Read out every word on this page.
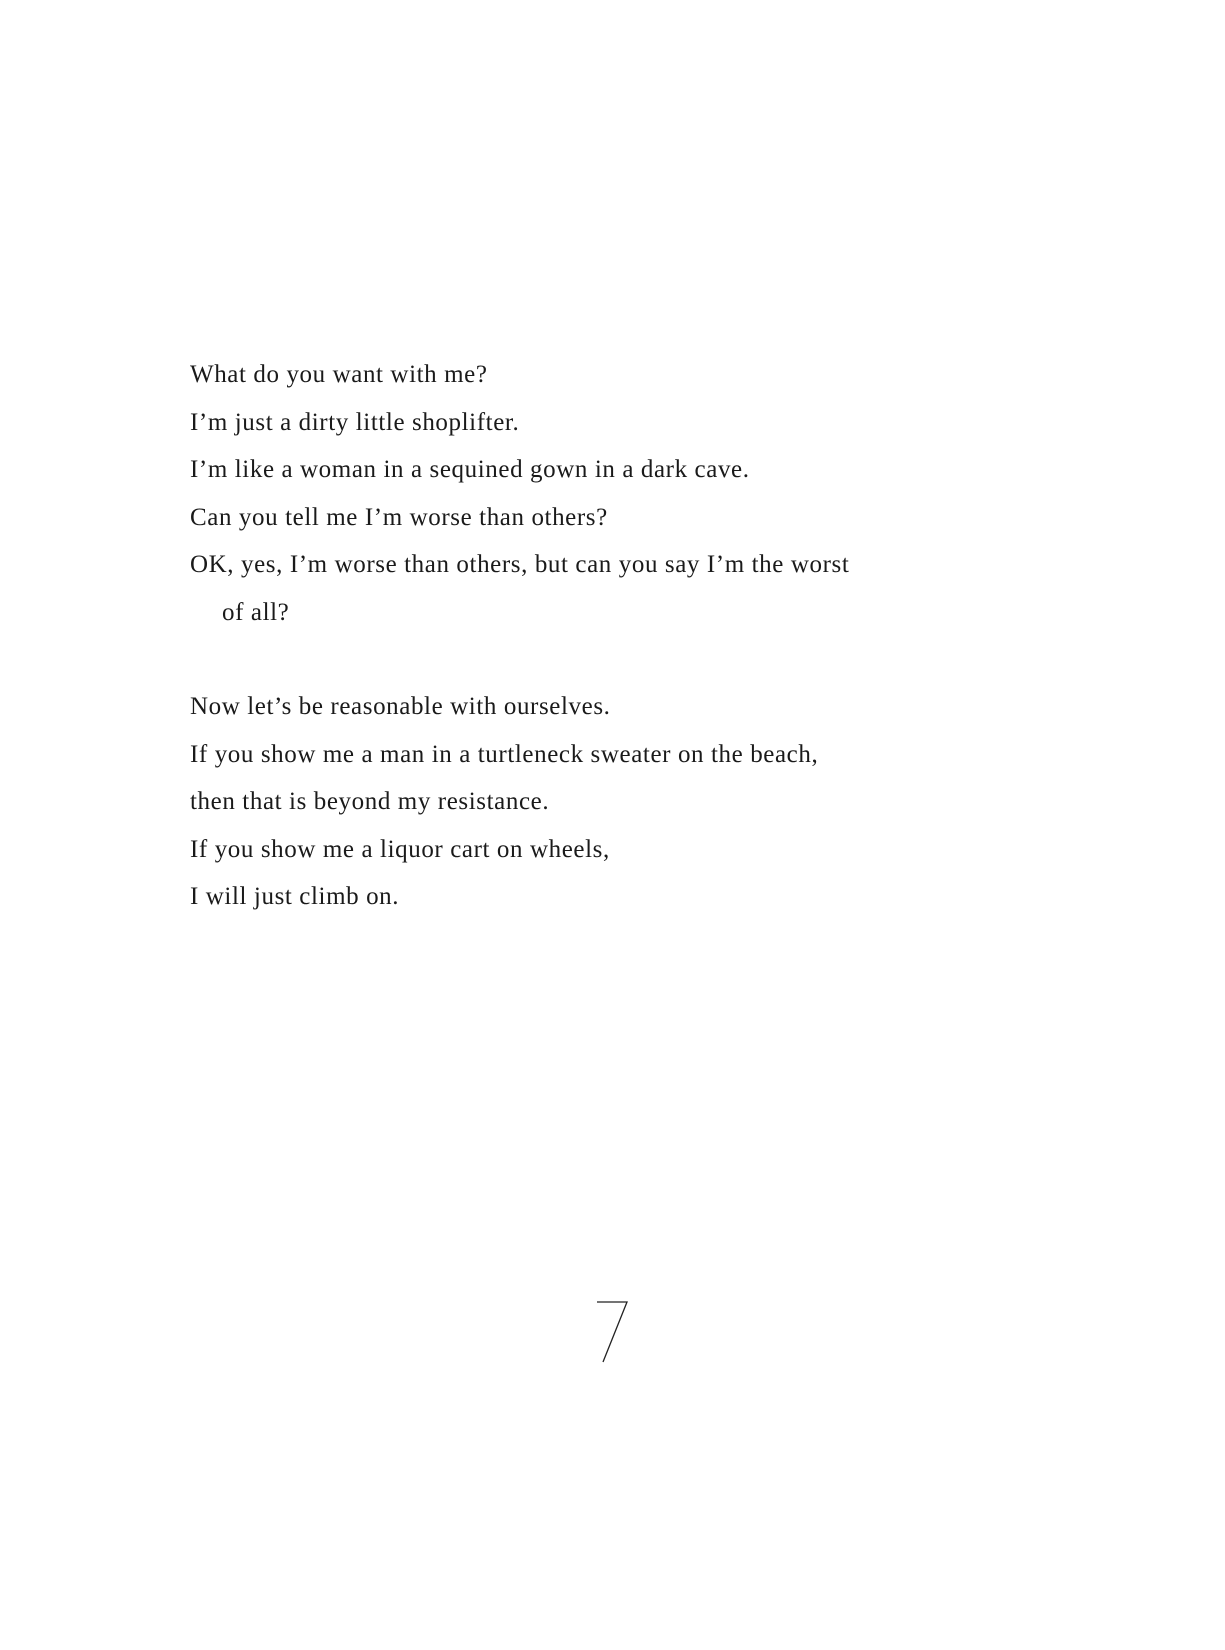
What do you want with me?
I’m just a dirty little shoplifter.
I’m like a woman in a sequined gown in a dark cave.
Can you tell me I’m worse than others?
OK, yes, I’m worse than others, but can you say I’m the worst
of all?
Now let’s be reasonable with ourselves.
If you show me a man in a turtleneck sweater on the beach,
then that is beyond my resistance.
If you show me a liquor cart on wheels,
I will just climb on.
